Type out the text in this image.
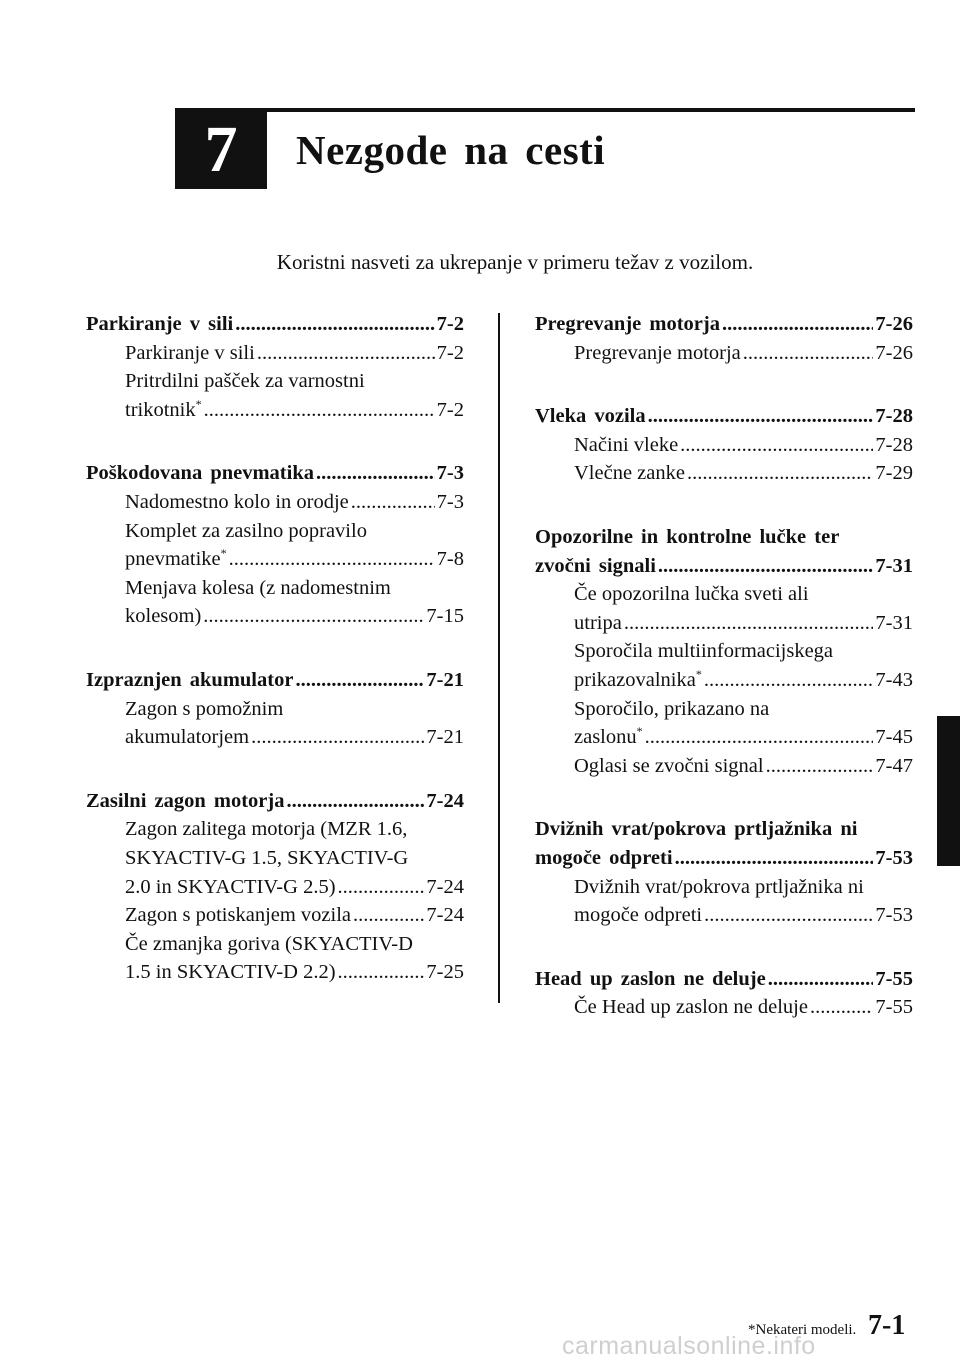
7	Nezgode na cesti
Koristni nasveti za ukrepanje v primeru težav z vozilom.
Parkiranje v sili .....	7-2
Parkiranje v sili .....	7-2
Pritrdilni pašček za varnostni
trikotnik* .....	7-2
Poškodovana pnevmatika .....	7-3
Nadomestno kolo in orodje .....	7-3
Komplet za zasilno popravilo
pnevmatike* .....	7-8
Menjava kolesa (z nadomestnim
kolesom) .....	7-15
Izpraznjen akumulator .....	7-21
Zagon s pomožnim
akumulatorjem .....	7-21
Zasilni zagon motorja .....	7-24
Zagon zalitega motorja (MZR 1.6,
SKYACTIV-G 1.5, SKYACTIV-G
2.0 in SKYACTIV-G 2.5) .....	7-24
Zagon s potiskanjem vozila .....	7-24
Če zmanjka goriva (SKYACTIV-D
1.5 in SKYACTIV-D 2.2) .....	7-25
Pregrevanje motorja .....	7-26
Pregrevanje motorja .....	7-26
Vleka vozila .....	7-28
Načini vleke .....	7-28
Vlečne zanke .....	7-29
Opozorilne in kontrolne lučke ter
zvočni signali .....	7-31
Če opozorilna lučka sveti ali
utripa .....	7-31
Sporočila multiinformacijskega
prikazovalnika* .....	7-43
Sporočilo, prikazano na
zaslonu* .....	7-45
Oglasi se zvočni signal .....	7-47
Dvižnih vrat/pokrova prtljažnika ni
mogoče odpreti .....	7-53
Dvižnih vrat/pokrova prtljažnika ni
mogoče odpreti .....	7-53
Head up zaslon ne deluje .....	7-55
Če Head up zaslon ne deluje .....	7-55
*Nekateri modeli. 7-1
carmanualsonline.info
